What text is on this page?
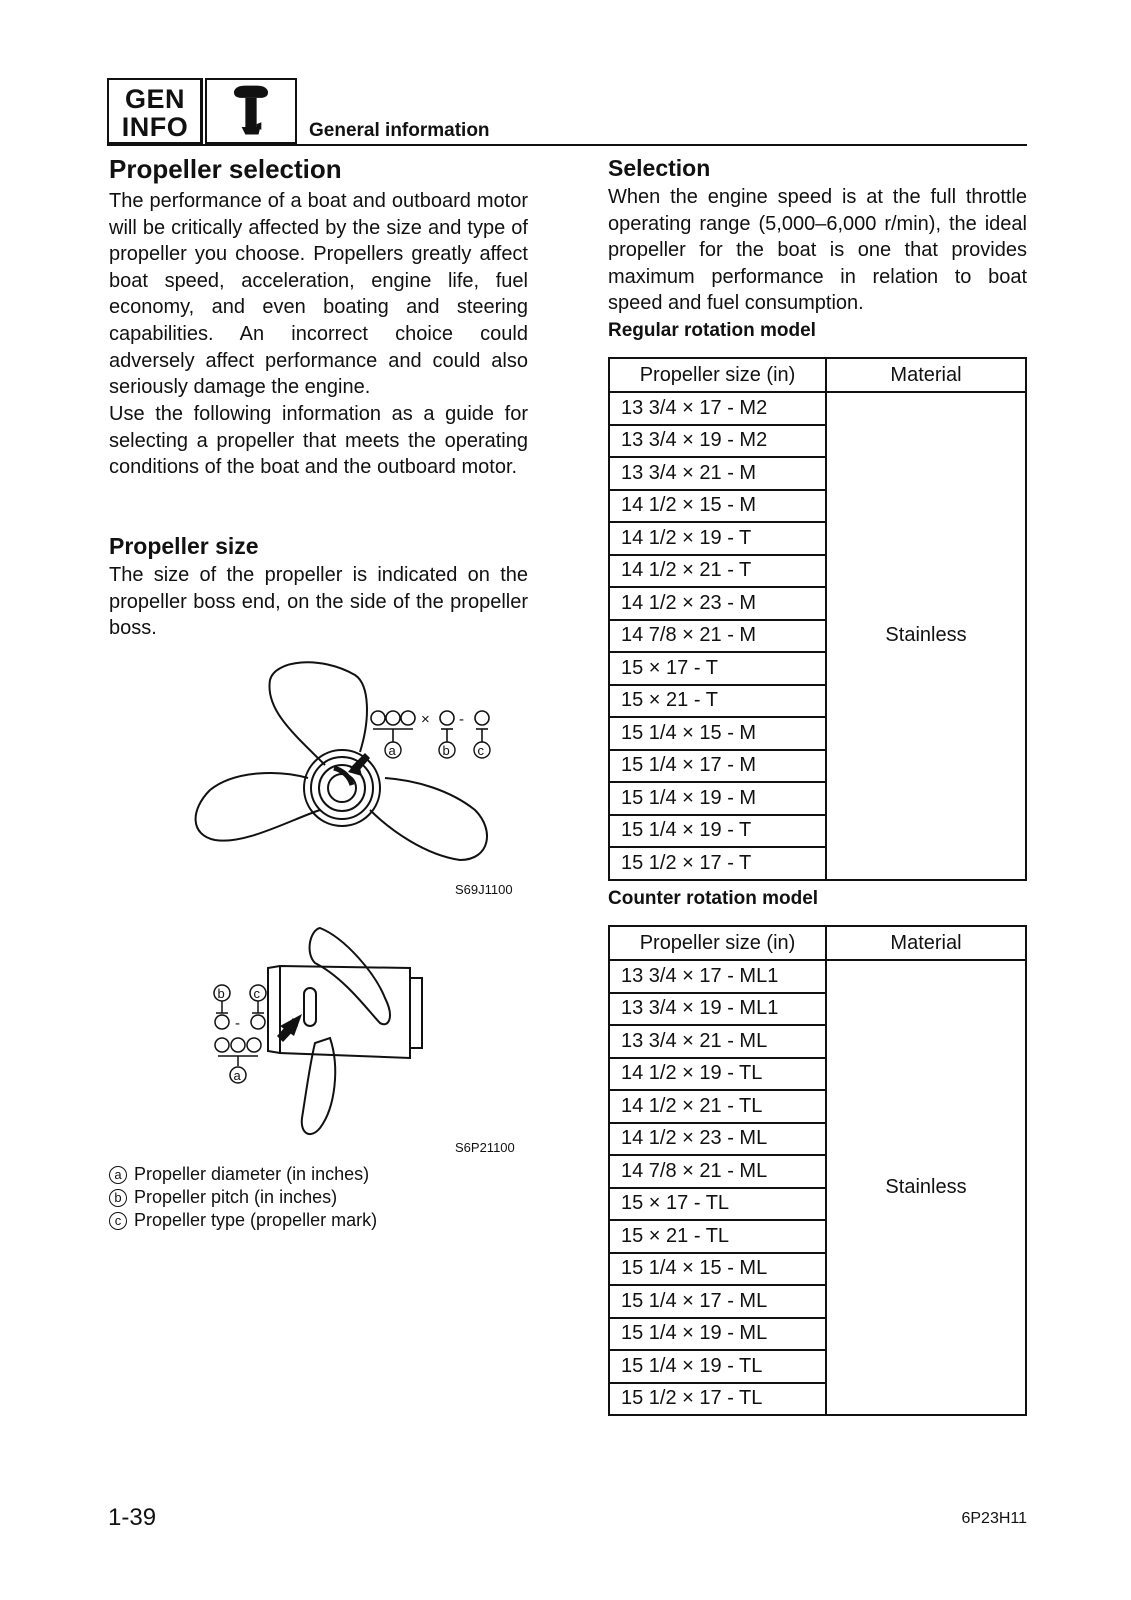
GEN
INFO	General information
Propeller selection

The performance of a boat and outboard motor will be critically affected by the size and type of propeller you choose. Propellers greatly affect boat speed, acceleration, engine life, fuel economy, and even boating and steering capabilities. An incorrect choice could adversely affect performance and could also seriously damage the engine.

Use the following information as a guide for selecting a propeller that meets the operating conditions of the boat and the outboard motor.

Propeller size

The size of the propeller is indicated on the propeller boss end, on the side of the propeller boss.

× -
a	b c
S69J1100
b c
-
a
S6P21100
a Propeller diameter (in inches)
b Propeller pitch (in inches)
c Propeller type (propeller mark)
Selection

When the engine speed is at the full throttle operating range (5,000–6,000 r/min), the ideal propeller for the boat is one that provides maximum performance in relation to boat speed and fuel consumption.

Regular rotation model
Propeller size (in)	Material
13 3/4 × 17 - M2	Stainless
13 3/4 × 19 - M2	
13 3/4 × 21 - M	
14 1/2 × 15 - M	
14 1/2 × 19 - T	
14 1/2 × 21 - T	
14 1/2 × 23 - M	
14 7/8 × 21 - M	
15 × 17 - T	
15 × 21 - T	
15 1/4 × 15 - M	
15 1/4 × 17 - M	
15 1/4 × 19 - M	
15 1/4 × 19 - T	
15 1/2 × 17 - T	
Counter rotation model
Propeller size (in)	Material
13 3/4 × 17 - ML1	Stainless
13 3/4 × 19 - ML1	
13 3/4 × 21 - ML	
14 1/2 × 19 - TL	
14 1/2 × 21 - TL	
14 1/2 × 23 - ML	
14 7/8 × 21 - ML	
15 × 17 - TL	
15 × 21 - TL	
15 1/4 × 15 - ML	
15 1/4 × 17 - ML	
15 1/4 × 19 - ML	
15 1/4 × 19 - TL	
15 1/2 × 17 - TL	
1-39	6P23H11
